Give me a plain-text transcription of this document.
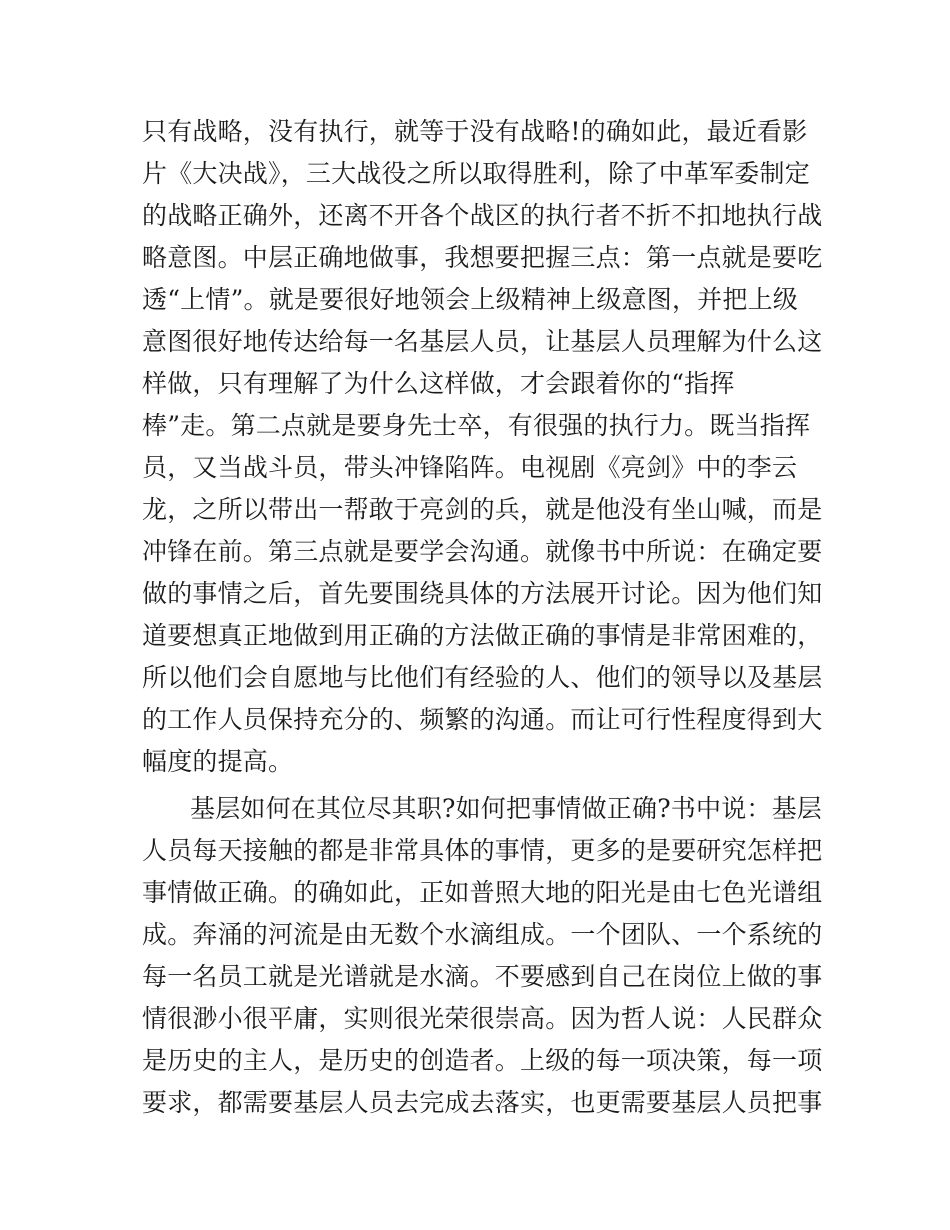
只有战略，没有执行，就等于没有战略!的确如此，最近看影
片《大决战》，三大战役之所以取得胜利，除了中革军委制定
的战略正确外，还离不开各个战区的执行者不折不扣地执行战
略意图。中层正确地做事，我想要把握三点：第一点就是要吃
透“上情”。就是要很好地领会上级精神上级意图，并把上级
意图很好地传达给每一名基层人员，让基层人员理解为什么这
样做，只有理解了为什么这样做，才会跟着你的“指挥
棒”走。第二点就是要身先士卒，有很强的执行力。既当指挥
员，又当战斗员，带头冲锋陷阵。电视剧《亮剑》中的李云
龙，之所以带出一帮敢于亮剑的兵，就是他没有坐山喊，而是
冲锋在前。第三点就是要学会沟通。就像书中所说：在确定要
做的事情之后，首先要围绕具体的方法展开讨论。因为他们知
道要想真正地做到用正确的方法做正确的事情是非常困难的，
所以他们会自愿地与比他们有经验的人、他们的领导以及基层
的工作人员保持充分的、频繁的沟通。而让可行性程度得到大
幅度的提高。
基层如何在其位尽其职?如何把事情做正确?书中说：基层
人员每天接触的都是非常具体的事情，更多的是要研究怎样把
事情做正确。的确如此，正如普照大地的阳光是由七色光谱组
成。奔涌的河流是由无数个水滴组成。一个团队、一个系统的
每一名员工就是光谱就是水滴。不要感到自己在岗位上做的事
情很渺小很平庸，实则很光荣很崇高。因为哲人说：人民群众
是历史的主人，是历史的创造者。上级的每一项决策，每一项
要求，都需要基层人员去完成去落实，也更需要基层人员把事
